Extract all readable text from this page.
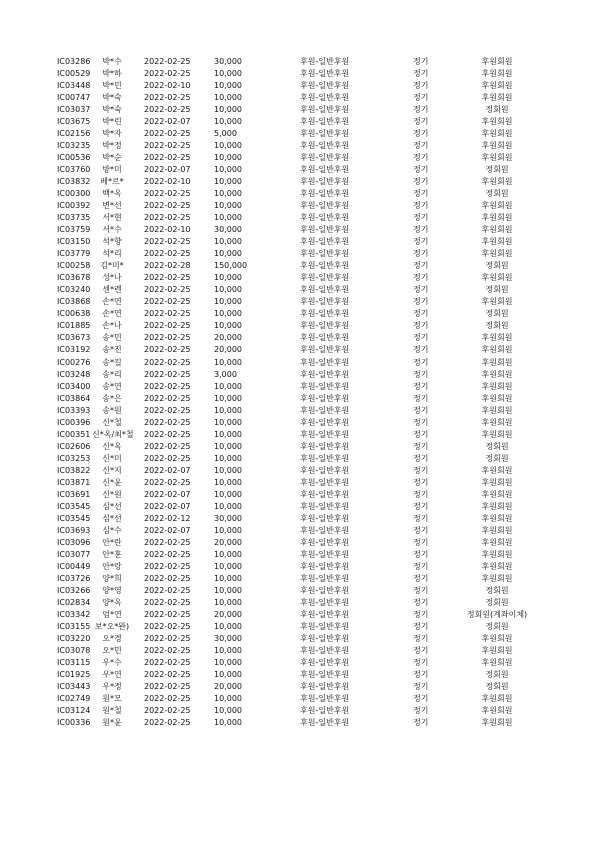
IC03286	박*수	2022-02-25	30,000	후원-일반후원	정기	후원회원
IC00529	박*하	2022-02-25	10,000	후원-일반후원	정기	후원회원
IC03448	박*민	2022-02-10	10,000	후원-일반후원	정기	후원회원
IC00747	박*숙	2022-02-25	10,000	후원-일반후원	정기	후원회원
IC03037	박*숙	2022-02-25	10,000	후원-일반후원	정기	정회원
IC03675	박*린	2022-02-07	10,000	후원-일반후원	정기	후원회원
IC02156	박*자	2022-02-25	5,000	후원-일반후원	정기	후원회원
IC03235	박*정	2022-02-25	10,000	후원-일반후원	정기	후원회원
IC00536	박*순	2022-02-25	10,000	후원-일반후원	정기	후원회원
IC03760	방*미	2022-02-07	10,000	후원-일반후원	정기	정회원
IC03832	베*르*	2022-02-10	10,000	후원-일반후원	정기	후원회원
IC00300	백*옥	2022-02-25	10,000	후원-일반후원	정기	정회원
IC00392	변*선	2022-02-25	10,000	후원-일반후원	정기	후원회원
IC03735	서*현	2022-02-25	10,000	후원-일반후원	정기	후원회원
IC03759	서*수	2022-02-10	30,000	후원-일반후원	정기	후원회원
IC03150	석*향	2022-02-25	10,000	후원-일반후원	정기	후원회원
IC03779	석*리	2022-02-25	10,000	후원-일반후원	정기	후원회원
IC00258	김*미*	2022-02-28	150,000	후원-일반후원	정기	정회원
IC03678	성*나	2022-02-25	10,000	후원-일반후원	정기	후원회원
IC03240	센*렌	2022-02-25	10,000	후원-일반후원	정기	정회원
IC03868	손*연	2022-02-25	10,000	후원-일반후원	정기	후원회원
IC00638	손*연	2022-02-25	10,000	후원-일반후원	정기	정회원
IC01885	손*나	2022-02-25	10,000	후원-일반후원	정기	정회원
IC03673	송*민	2022-02-25	20,000	후원-일반후원	정기	후원회원
IC03192	송*진	2022-02-25	20,000	후원-일반후원	정기	후원회원
IC00276	송*길	2022-02-25	10,000	후원-일반후원	정기	후원회원
IC03248	송*리	2022-02-25	3,000	후원-일반후원	정기	후원회원
IC03400	송*연	2022-02-25	10,000	후원-일반후원	정기	후원회원
IC03864	송*은	2022-02-25	10,000	후원-일반후원	정기	후원회원
IC03393	송*원	2022-02-25	10,000	후원-일반후원	정기	후원회원
IC00396	신*철	2022-02-25	10,000	후원-일반후원	정기	후원회원
IC00351 신*옥/최*철 2022-02-25	10,000	후원-일반후원	정기	후원회원
IC02606	신*옥	2022-02-25	10,000	후원-일반후원	정기	정회원
IC03253	신*미	2022-02-25	10,000	후원-일반후원	정기	정회원
IC03822	신*지	2022-02-07	10,000	후원-일반후원	정기	후원회원
IC03871	신*윤	2022-02-25	10,000	후원-일반후원	정기	후원회원
IC03691	신*원	2022-02-07	10,000	후원-일반후원	정기	후원회원
IC03545	심*선	2022-02-07	10,000	후원-일반후원	정기	후원회원
IC03545	심*선	2022-02-12	30,000	후원-일반후원	정기	후원회원
IC03693	심*수	2022-02-07	10,000	후원-일반후원	정기	후원회원
IC03096	안*란	2022-02-25	20,000	후원-일반후원	정기	후원회원
IC03077	안*훈	2022-02-25	10,000	후원-일반후원	정기	후원회원
IC00449	안*랑	2022-02-25	10,000	후원-일반후원	정기	후원회원
IC03726	양*희	2022-02-25	10,000	후원-일반후원	정기	후원회원
IC03266	양*영	2022-02-25	10,000	후원-일반후원	정기	정회원
IC02834	양*옥	2022-02-25	10,000	후원-일반후원	정기	정회원
IC03342	엄*연	2022-02-25	20,000	후원-일반후원	정기	정회원(계좌이체)
IC03155 보*오*완)	2022-02-25	10,000	후원-일반후원	정기	정회원
IC03220	오*경	2022-02-25	30,000	후원-일반후원	정기	후원회원
IC03078	오*민	2022-02-25	10,000	후원-일반후원	정기	후원회원
IC03115	우*수	2022-02-25	10,000	후원-일반후원	정기	후원회원
IC01925	우*연	2022-02-25	10,000	후원-일반후원	정기	정회원
IC03443	우*정	2022-02-25	20,000	후원-일반후원	정기	정회원
IC02749	원*모	2022-02-25	10,000	후원-일반후원	정기	후원회원
IC03124	원*철	2022-02-25	10,000	후원-일반후원	정기	후원회원
IC00336	원*윤	2022-02-25	10,000	후원-일반후원	정기	후원회원
